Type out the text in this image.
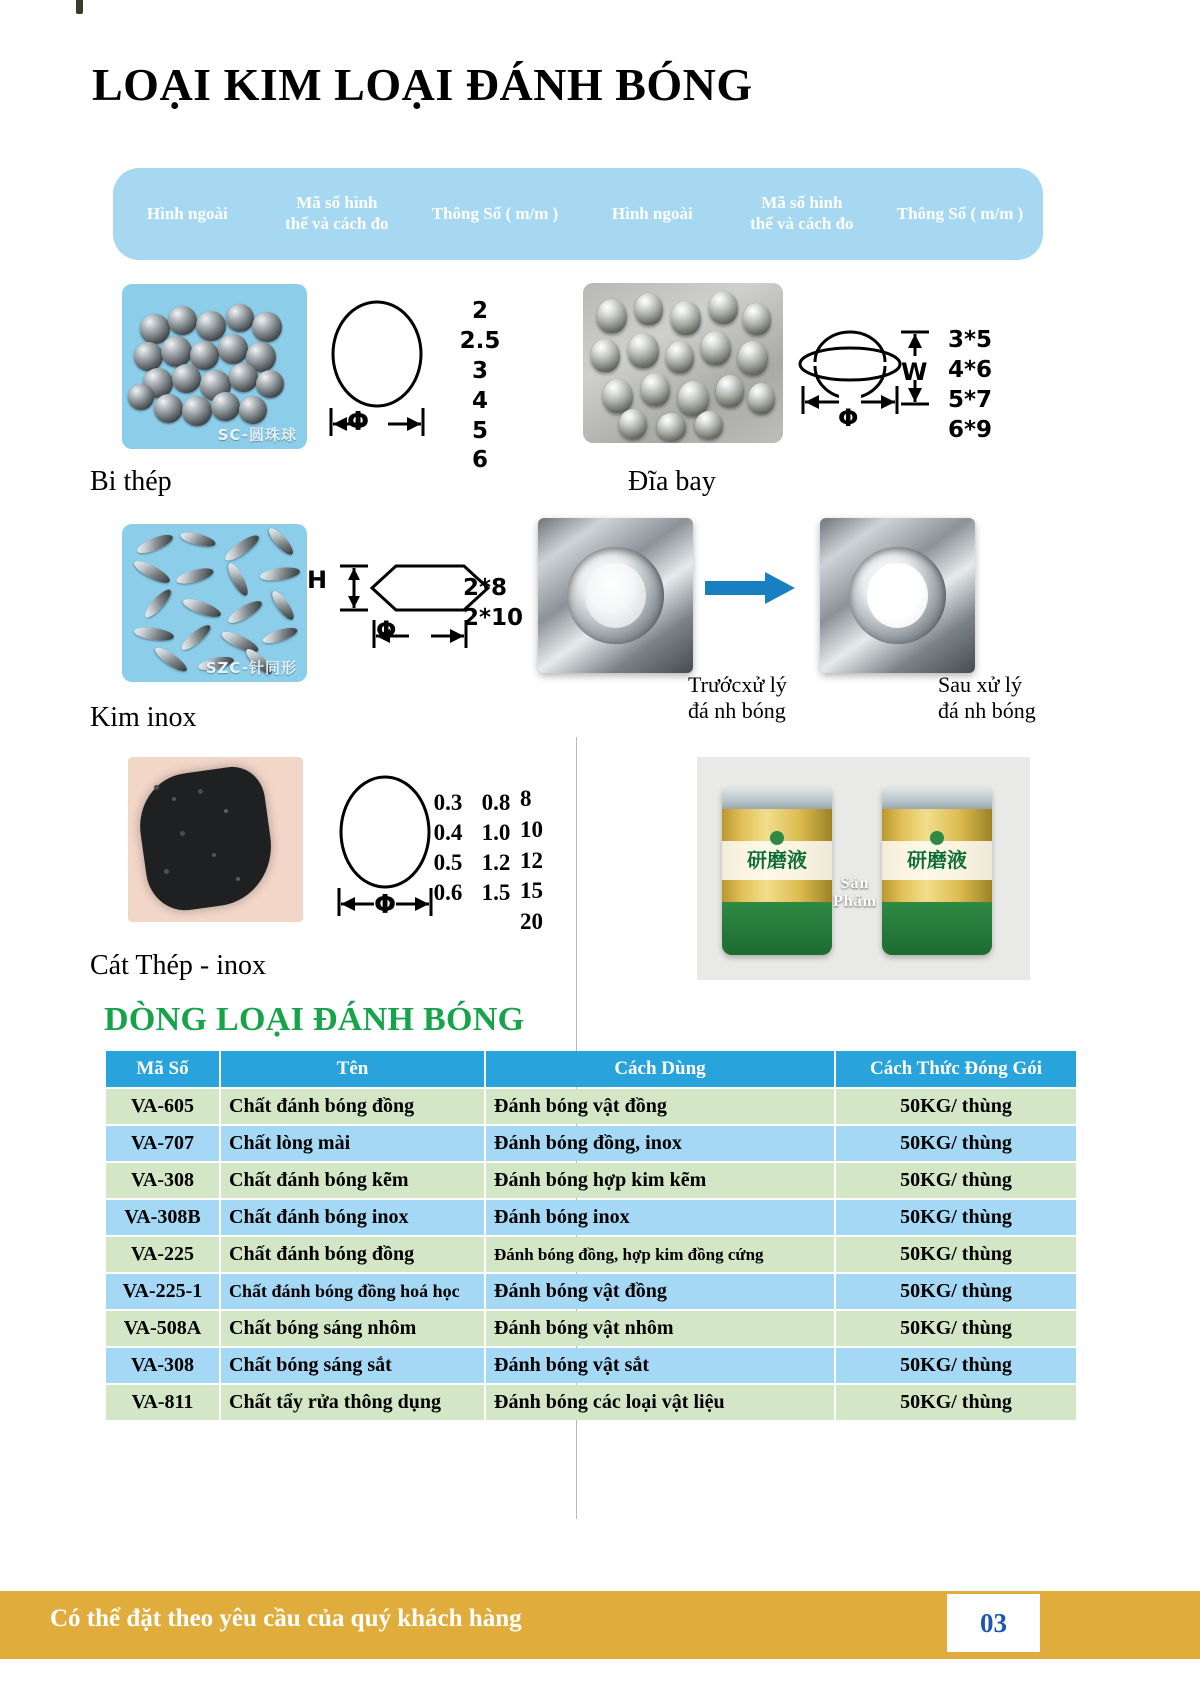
LOẠI KIM LOẠI ĐÁNH BÓNG
Hình ngoài
Mã số hình
thể và cách đo
Thông Số ( m/m )	Hình ngoài
Mã số hình
thể và cách đo
Thông Số ( m/m )
SC-圆珠球 Φ
2
2.5
3
4
5
6
Bi thép
Φ
W
3*5
4*6
5*7
6*9
Đĩa bay
SZC-针同形
H
Φ
2*8
2*10
Kim inox
Trướcxử lý
đá nh bóng
Sau xử lý
đá nh bóng
Φ
0.3
0.4
0.5
0.6
0.8
1.0
1.2
1.5
8
10
12
15
20
Cát Thép - inox
研磨液	研磨液
Sản
Phẩm
DÒNG LOẠI ĐÁNH BÓNG
Mã Số	Tên	Cách Dùng	Cách Thức Đóng Gói
VA-605	Chất đánh bóng đồng	Đánh bóng vật đồng	50KG/ thùng
VA-707	Chất lòng mài	Đánh bóng đồng, inox	50KG/ thùng
VA-308	Chất đánh bóng kẽm	Đánh bóng hợp kim kẽm	50KG/ thùng
VA-308B	Chất đánh bóng inox	Đánh bóng inox	50KG/ thùng
VA-225	Chất đánh bóng đồng	Đánh bóng đồng, hợp kim đồng cứng	50KG/ thùng
VA-225-1	Chất đánh bóng đồng hoá học	Đánh bóng vật đồng	50KG/ thùng
VA-508A	Chất bóng sáng nhôm	Đánh bóng vật nhôm	50KG/ thùng
VA-308	Chất bóng sáng sắt	Đánh bóng vật sắt	50KG/ thùng
VA-811	Chất tẩy rửa thông dụng	Đánh bóng các loại vật liệu	50KG/ thùng
Có thể đặt theo yêu cầu của quý khách hàng	03
